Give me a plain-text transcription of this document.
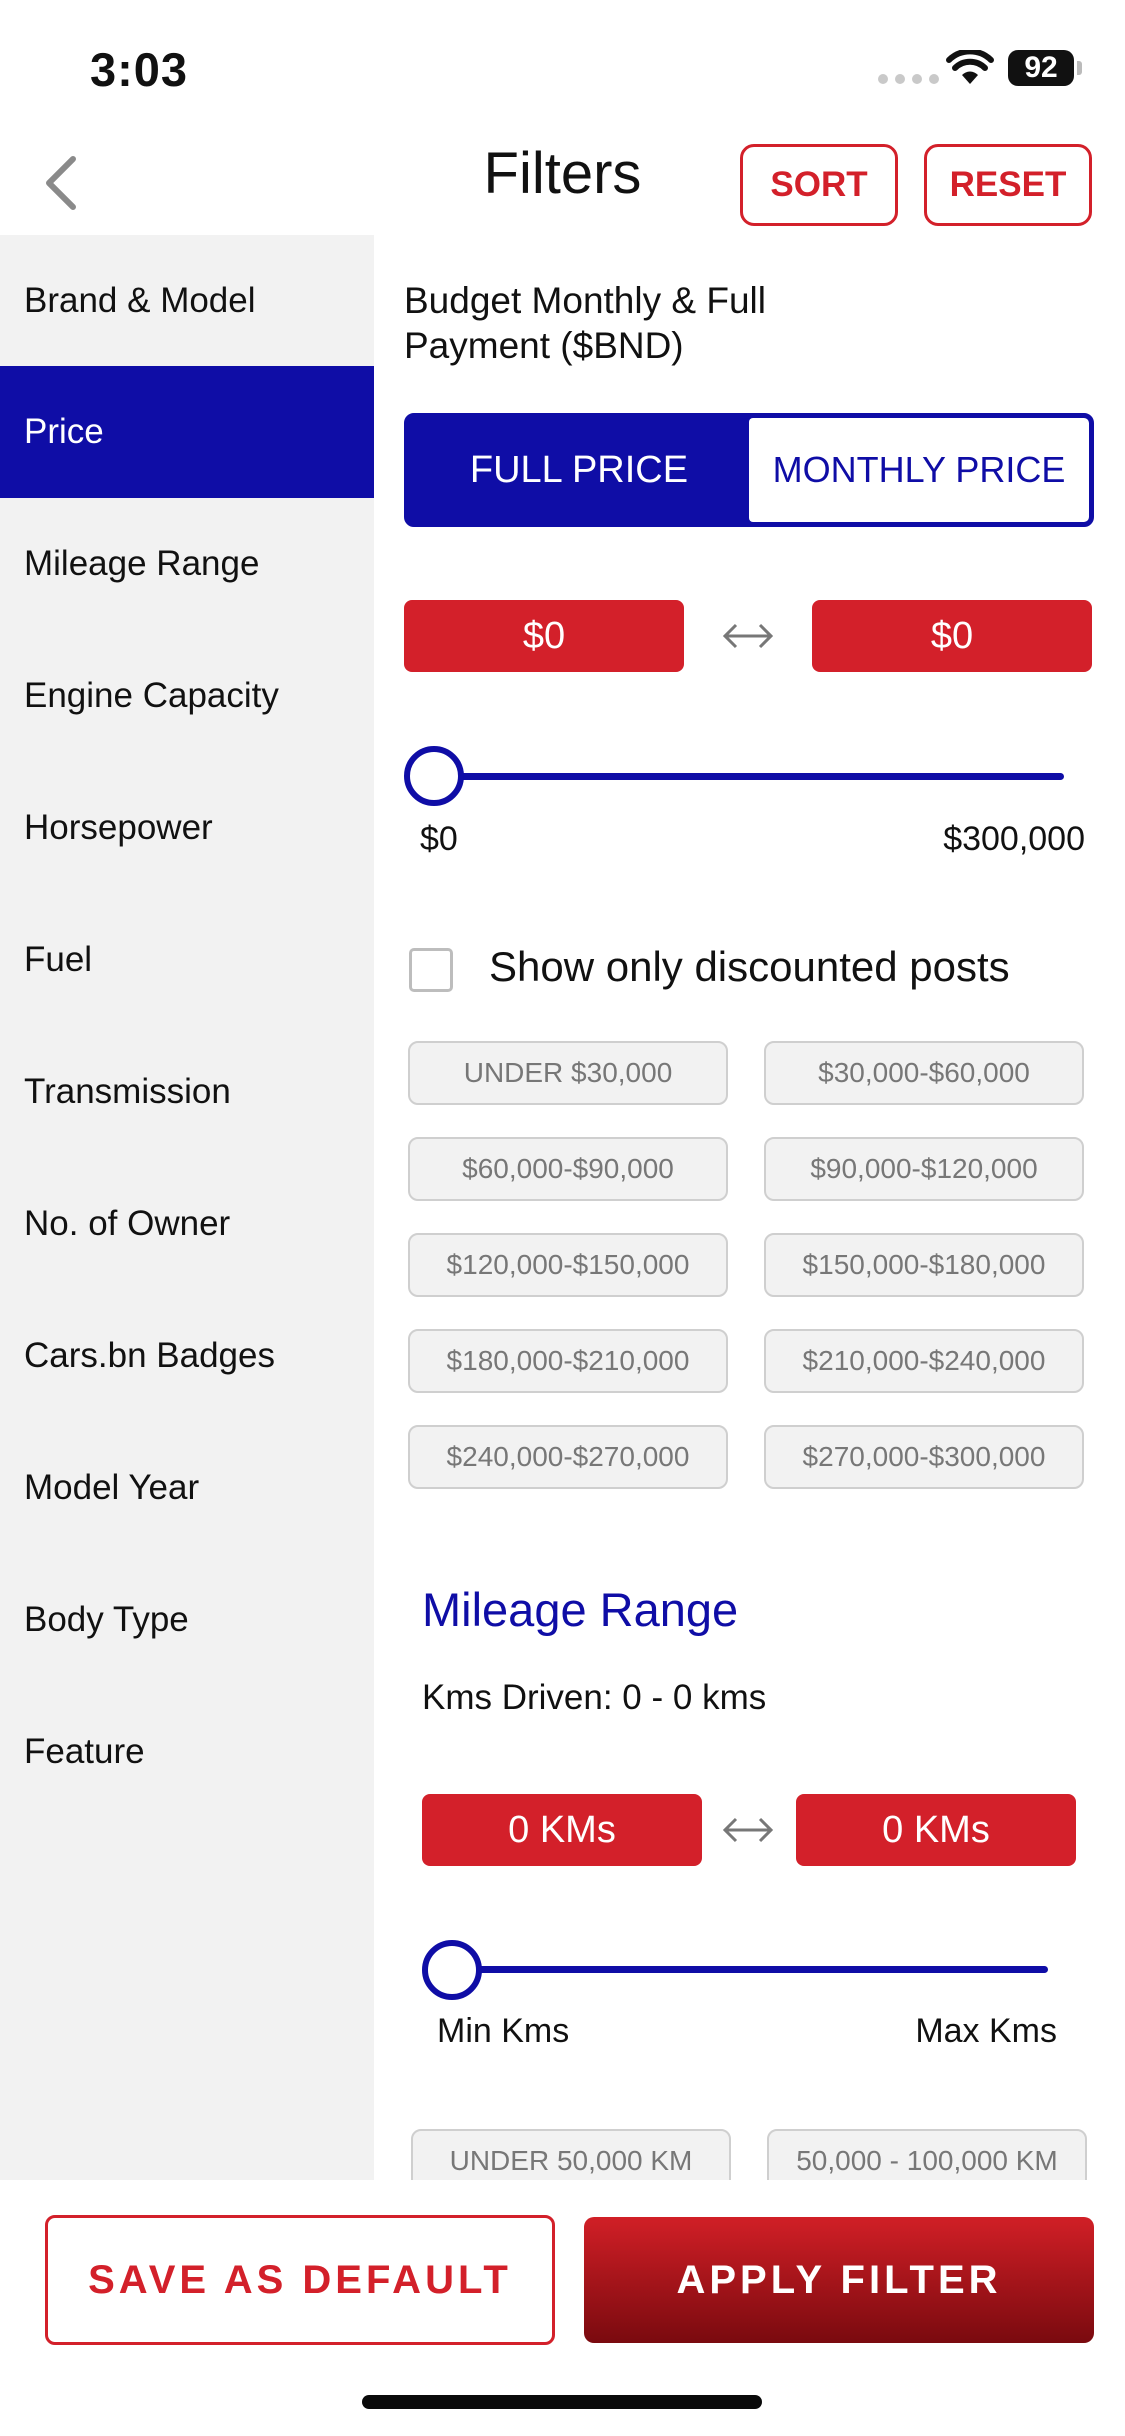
3:03	92
Filters	SORT	RESET
Brand & Model
Price
Mileage Range
Engine Capacity
Horsepower
Fuel
Transmission
No. of Owner
Cars.bn Badges
Model Year
Body Type
Feature
Budget Monthly & Full Payment ($BND)
FULL PRICE	MONTHLY PRICE
$0	$0
$0	$300,000
Show only discounted posts
UNDER $30,000	$30,000-$60,000
$60,000-$90,000	$90,000-$120,000
$120,000-$150,000	$150,000-$180,000
$180,000-$210,000	$210,000-$240,000
$240,000-$270,000	$270,000-$300,000
Mileage Range
Kms Driven: 0 - 0 kms
0 KMs	0 KMs
Min Kms	Max Kms
UNDER 50,000 KM	50,000 - 100,000 KM
SAVE AS DEFAULT	APPLY FILTER
